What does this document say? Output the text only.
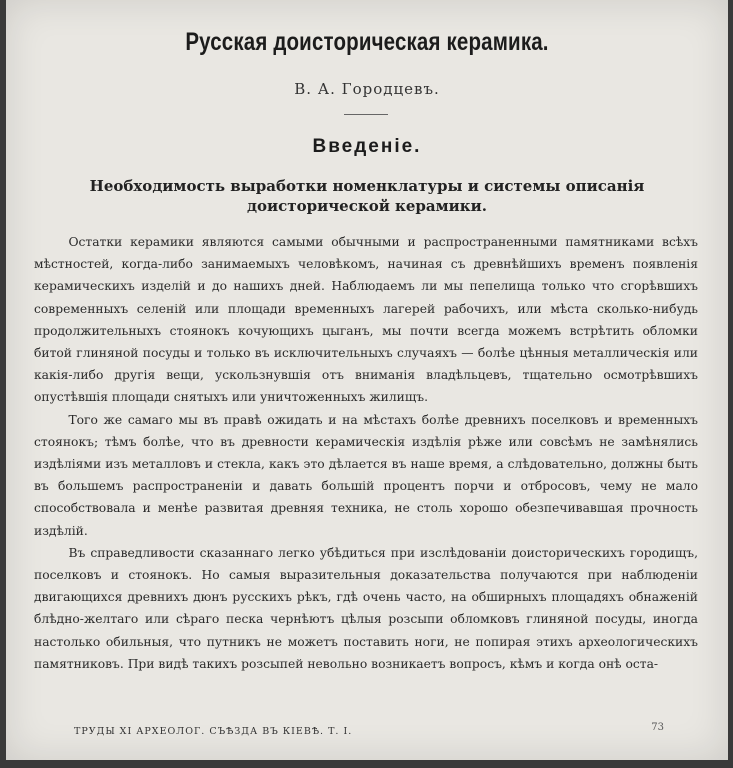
Русская доисторическая керамика.
В. А. Городцевъ.
Введеніе.
Необходимость выработки номенклатуры и системы описанія доисторической керамики.

Остатки керамики являются самыми обычными и распространенными памятниками всѣхъ мѣстностей, когда-либо занимаемыхъ человѣкомъ, начиная съ древнѣйшихъ временъ появленія керамическихъ изделій и до нашихъ дней. Наблюдаемъ ли мы пепелища только что сгорѣвшихъ современныхъ селеній или площади временныхъ лагерей рабочихъ, или мѣста сколько-нибудь продолжительныхъ стоянокъ кочующихъ цыганъ, мы почти всегда можемъ встрѣтить обломки битой глиняной посуды и только въ исключительныхъ случаяхъ — болѣе цѣнныя металлическія или какія-либо другія вещи, ускользнувшія отъ вниманія владѣльцевъ, тщательно осмотрѣвшихъ опустѣвшія площади снятыхъ или уничтоженныхъ жилищъ.

Того же самаго мы въ правѣ ожидать и на мѣстахъ болѣе древнихъ поселковъ и временныхъ стоянокъ; тѣмъ болѣе, что въ древности керамическія издѣлія рѣже или совсѣмъ не замѣнялись издѣліями изъ металловъ и стекла, какъ это дѣлается въ наше время, а слѣдовательно, должны быть въ большемъ распространеніи и давать большій процентъ порчи и отбросовъ, чему не мало способствовала и менѣе развитая древняя техника, не столь хорошо обезпечивавшая прочность издѣлій.

Въ справедливости сказаннаго легко убѣдиться при изслѣдованіи доисторическихъ городищъ, поселковъ и стоянокъ. Но самыя выразительныя доказательства получаются при наблюденіи двигающихся древнихъ дюнъ русскихъ рѣкъ, гдѣ очень часто, на обширныхъ площадяхъ обнаженій блѣдно-желтаго или сѣраго песка чернѣютъ цѣлыя розсыпи обломковъ глиняной посуды, иногда настолько обильныя, что путникъ не можетъ поставить ноги, не попирая этихъ археологическихъ памятниковъ. При видѣ такихъ розсыпей невольно возникаетъ вопросъ, кѣмъ и когда онѣ оста-

ТРУДЫ XI АРХЕОЛОГ. СЪѢЗДА ВЪ КІЕВѢ. Т. I.	73
